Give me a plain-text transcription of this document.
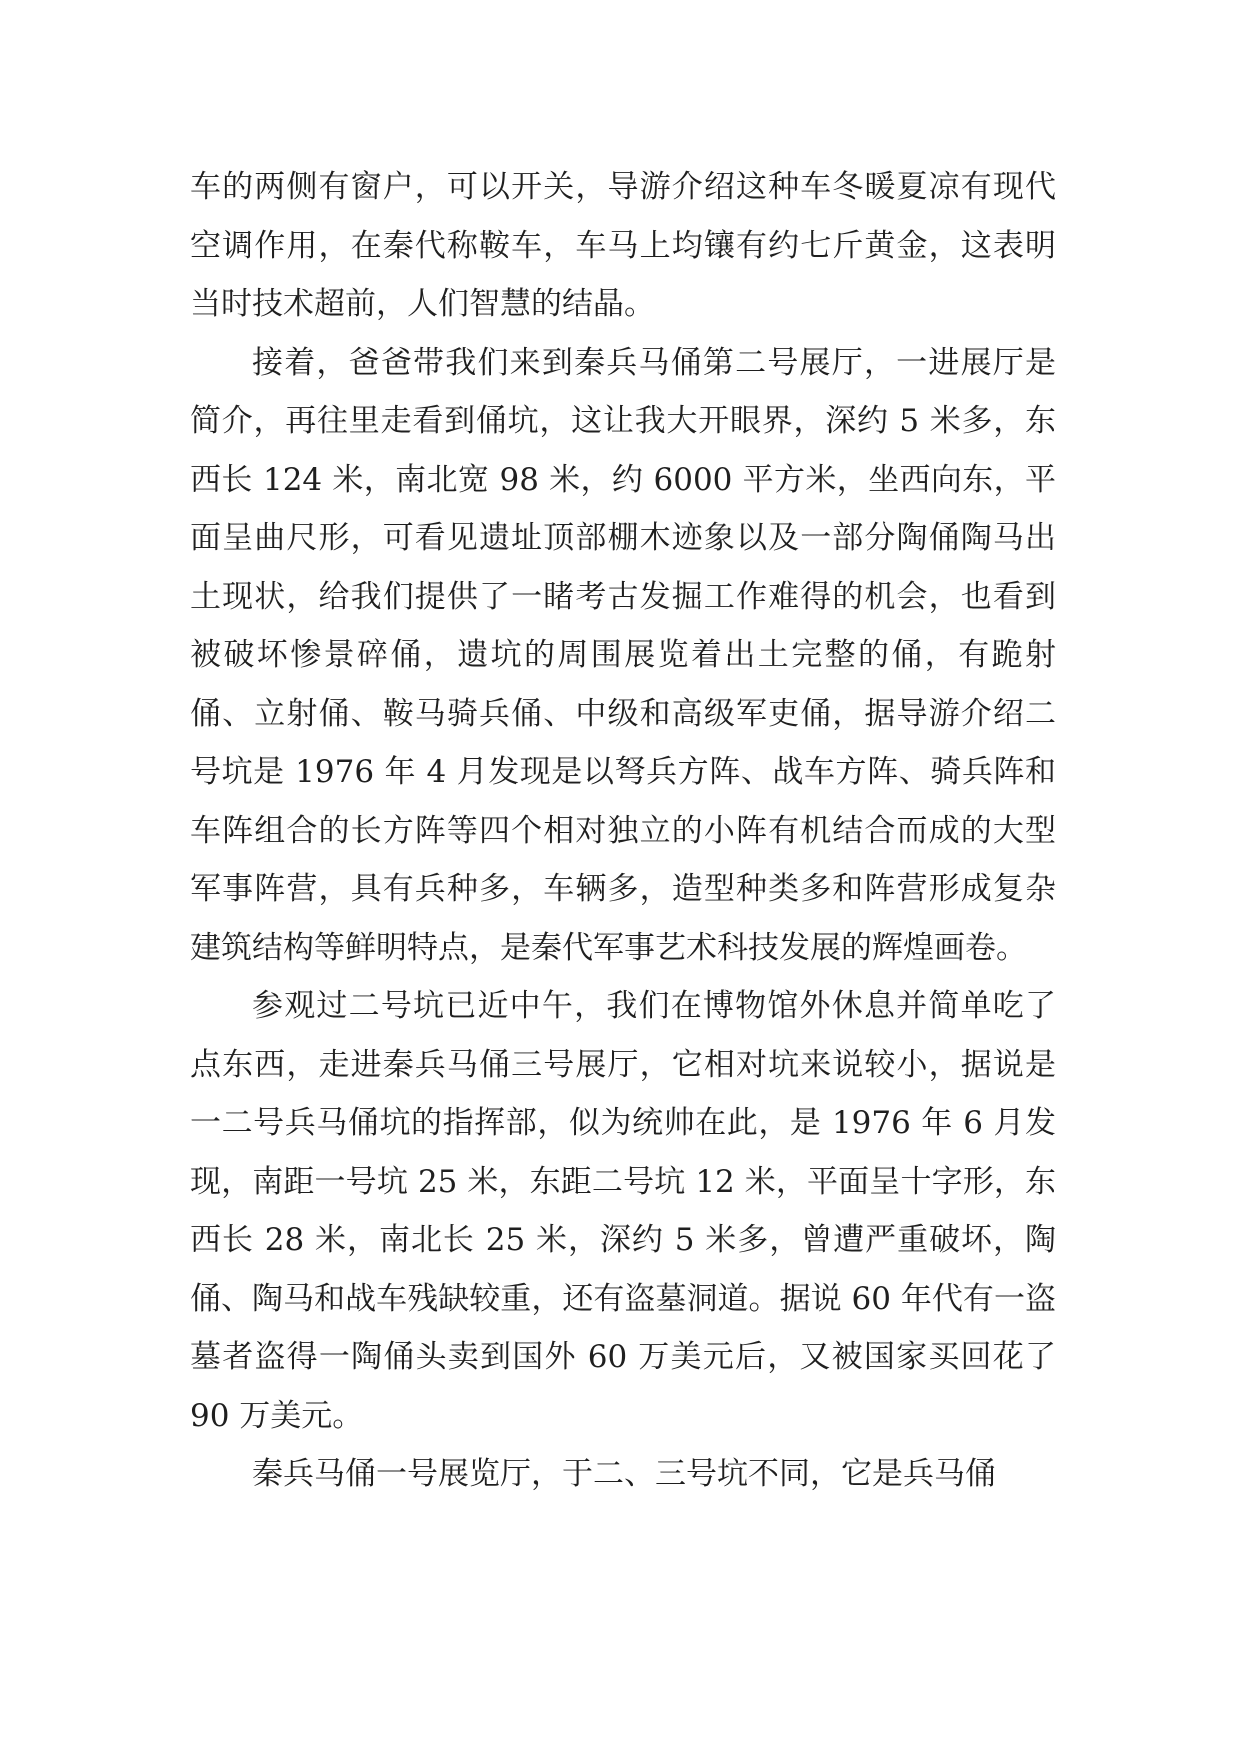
车的两侧有窗户，可以开关，导游介绍这种车冬暖夏凉有现代空调作用，在秦代称鞍车，车马上均镶有约七斤黄金，这表明当时技术超前，人们智慧的结晶。

接着，爸爸带我们来到秦兵马俑第二号展厅，一进展厅是简介，再往里走看到俑坑，这让我大开眼界，深约 5 米多，东西长 124 米，南北宽 98 米，约 6000 平方米，坐西向东，平面呈曲尺形，可看见遗址顶部棚木迹象以及一部分陶俑陶马出土现状，给我们提供了一睹考古发掘工作难得的机会，也看到被破坏惨景碎俑，遗坑的周围展览着出土完整的俑，有跪射俑、立射俑、鞍马骑兵俑、中级和高级军吏俑，据导游介绍二号坑是 1976 年 4 月发现是以弩兵方阵、战车方阵、骑兵阵和车阵组合的长方阵等四个相对独立的小阵有机结合而成的大型军事阵营，具有兵种多，车辆多，造型种类多和阵营形成复杂建筑结构等鲜明特点，是秦代军事艺术科技发展的辉煌画卷。

参观过二号坑已近中午，我们在博物馆外休息并简单吃了点东西，走进秦兵马俑三号展厅，它相对坑来说较小，据说是一二号兵马俑坑的指挥部，似为统帅在此，是 1976 年 6 月发现，南距一号坑 25 米，东距二号坑 12 米，平面呈十字形，东西长 28 米，南北长 25 米，深约 5 米多，曾遭严重破坏，陶俑、陶马和战车残缺较重，还有盗墓洞道。据说 60 年代有一盗墓者盗得一陶俑头卖到国外 60 万美元后，又被国家买回花了 90 万美元。

秦兵马俑一号展览厅，于二、三号坑不同，它是兵马俑
